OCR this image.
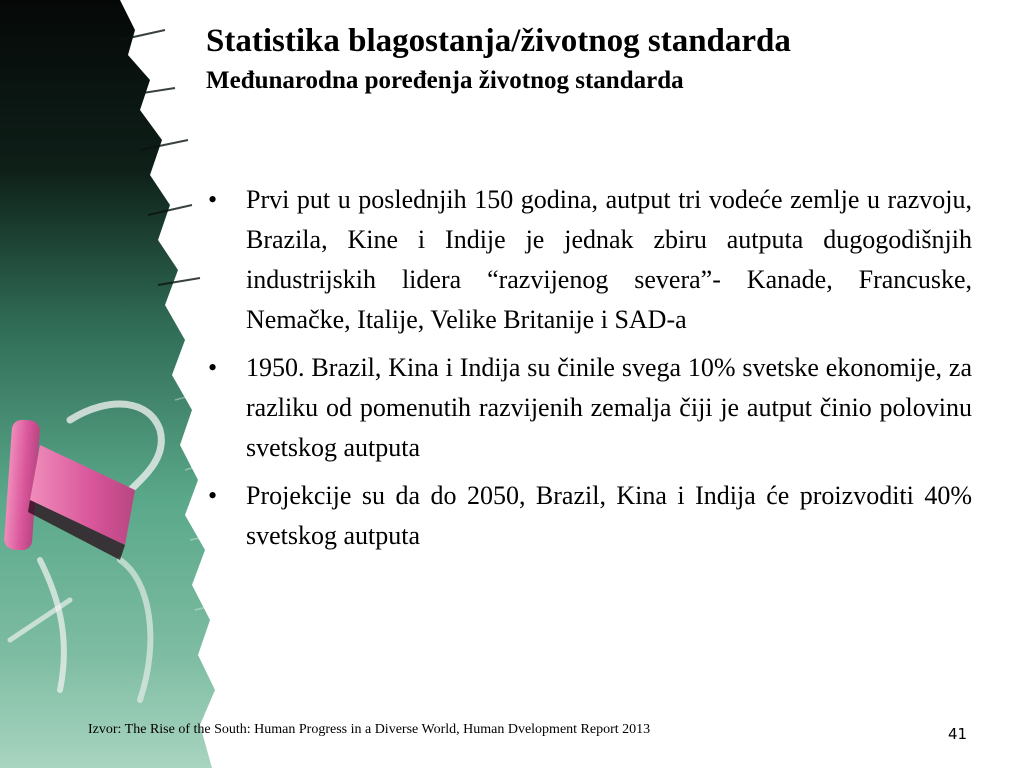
Statistika blagostanja/životnog standarda
Međunarodna poređenja životnog standarda
• Prvi put u poslednjih 150 godina, autput tri vodeće zemlje u razvoju, Brazila, Kine i Indije je jednak zbiru autputa dugogodišnjih industrijskih lidera “razvijenog severa”- Kanade, Francuske, Nemačke, Italije, Velike Britanije i SAD-a
• 1950. Brazil, Kina i Indija su činile svega 10% svetske ekonomije, za razliku od pomenutih razvijenih zemalja čiji je autput činio polovinu svetskog autputa
• Projekcije su da do 2050, Brazil, Kina i Indija će proizvoditi 40% svetskog autputa
Izvor: The Rise of the South: Human Progress in a Diverse World, Human Dvelopment Report 2013	41
